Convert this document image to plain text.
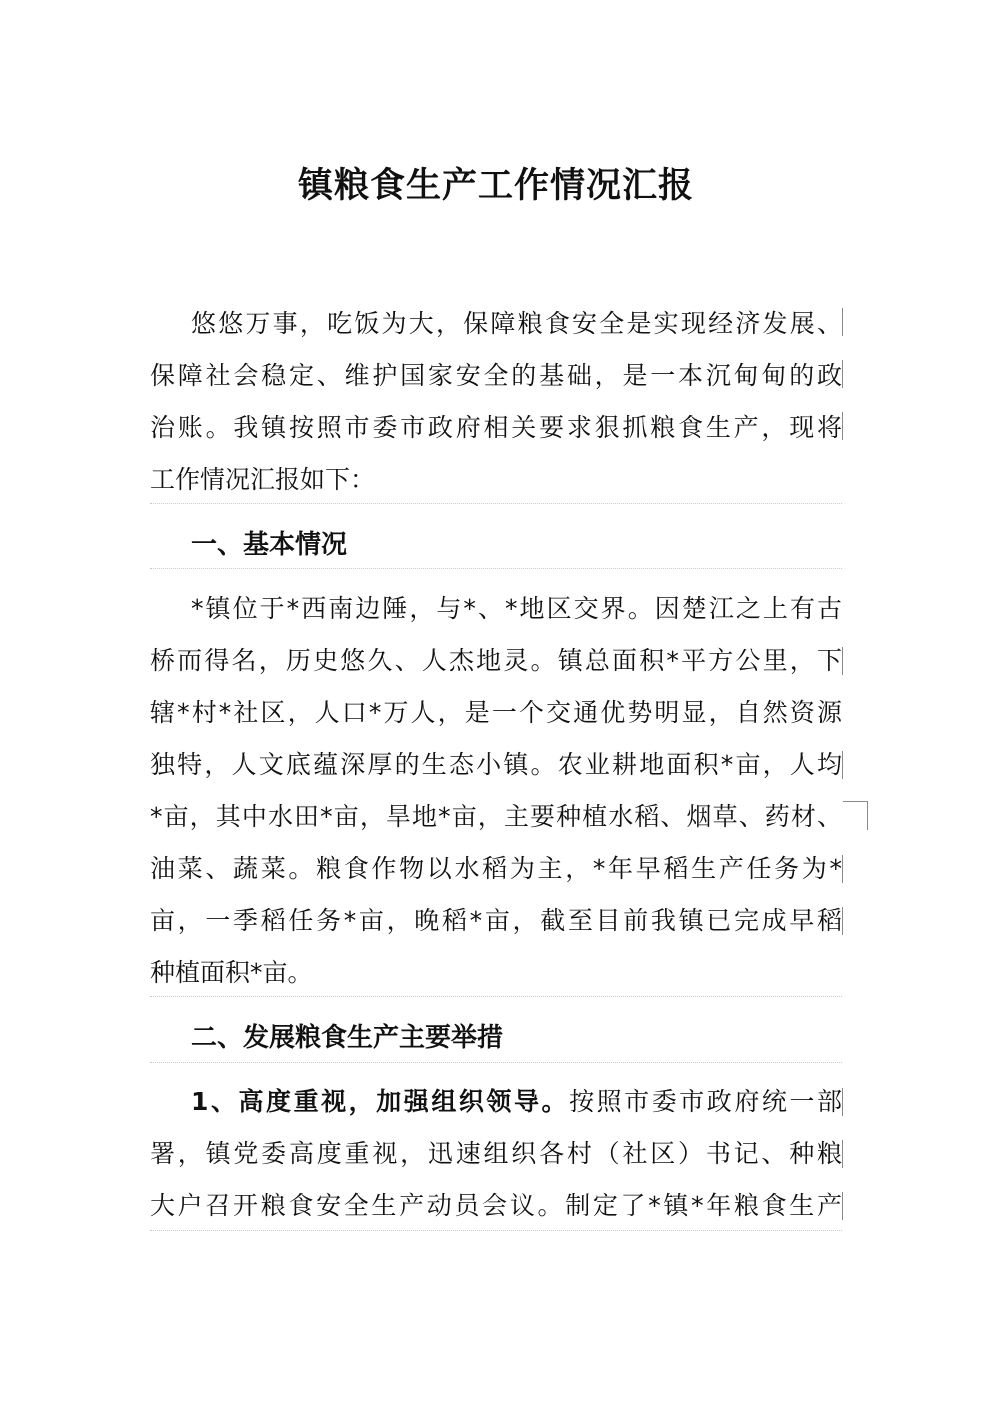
镇粮食生产工作情况汇报
悠悠万事，吃饭为大，保障粮食安全是实现经济发展、
保障社会稳定、维护国家安全的基础，是一本沉甸甸的政
治账。我镇按照市委市政府相关要求狠抓粮食生产，现将
工作情况汇报如下：
一、基本情况
*镇位于*西南边陲，与*、*地区交界。因楚江之上有古
桥而得名，历史悠久、人杰地灵。镇总面积*平方公里，下
辖*村*社区，人口*万人，是一个交通优势明显，自然资源
独特，人文底蕴深厚的生态小镇。农业耕地面积*亩，人均
*亩，其中水田*亩，旱地*亩，主要种植水稻、烟草、药材、
油菜、蔬菜。粮食作物以水稻为主，*年早稻生产任务为*
亩，一季稻任务*亩，晚稻*亩，截至目前我镇已完成早稻
种植面积*亩。
二、发展粮食生产主要举措
1、高度重视，加强组织领导。按照市委市政府统一部
署，镇党委高度重视，迅速组织各村（社区）书记、种粮
大户召开粮食安全生产动员会议。制定了*镇*年粮食生产
